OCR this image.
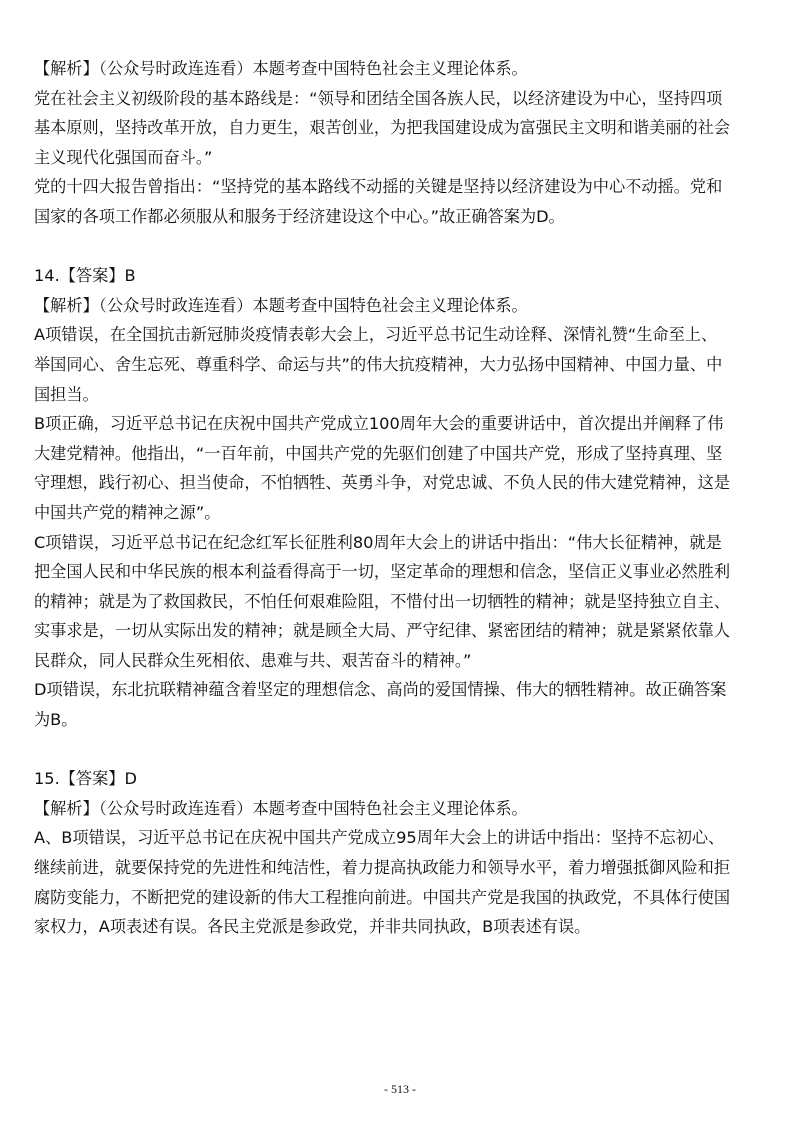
【解析】（公众号时政连连看）本题考查中国特色社会主义理论体系。
党在社会主义初级阶段的基本路线是：“领导和团结全国各族人民，以经济建设为中心，坚持四项
基本原则，坚持改革开放，自力更生，艰苦创业，为把我国建设成为富强民主文明和谐美丽的社会
主义现代化强国而奋斗。”
党的十四大报告曾指出：“坚持党的基本路线不动摇的关键是坚持以经济建设为中心不动摇。党和
国家的各项工作都必须服从和服务于经济建设这个中心。”故正确答案为D。
14.【答案】B
【解析】（公众号时政连连看）本题考查中国特色社会主义理论体系。
A项错误，在全国抗击新冠肺炎疫情表彰大会上，习近平总书记生动诠释、深情礼赞“生命至上、
举国同心、舍生忘死、尊重科学、命运与共”的伟大抗疫精神，大力弘扬中国精神、中国力量、中
国担当。
B项正确，习近平总书记在庆祝中国共产党成立100周年大会的重要讲话中，首次提出并阐释了伟
大建党精神。他指出，“一百年前，中国共产党的先驱们创建了中国共产党，形成了坚持真理、坚
守理想，践行初心、担当使命，不怕牺牲、英勇斗争，对党忠诚、不负人民的伟大建党精神，这是
中国共产党的精神之源”。
C项错误，习近平总书记在纪念红军长征胜利80周年大会上的讲话中指出：“伟大长征精神，就是
把全国人民和中华民族的根本利益看得高于一切，坚定革命的理想和信念，坚信正义事业必然胜利
的精神；就是为了救国救民，不怕任何艰难险阻，不惜付出一切牺牲的精神；就是坚持独立自主、
实事求是，一切从实际出发的精神；就是顾全大局、严守纪律、紧密团结的精神；就是紧紧依靠人
民群众，同人民群众生死相依、患难与共、艰苦奋斗的精神。”
D项错误，东北抗联精神蕴含着坚定的理想信念、高尚的爱国情操、伟大的牺牲精神。故正确答案
为B。
15.【答案】D
【解析】（公众号时政连连看）本题考查中国特色社会主义理论体系。
A、B项错误，习近平总书记在庆祝中国共产党成立95周年大会上的讲话中指出：坚持不忘初心、
继续前进，就要保持党的先进性和纯洁性，着力提高执政能力和领导水平，着力增强抵御风险和拒
腐防变能力，不断把党的建设新的伟大工程推向前进。中国共产党是我国的执政党，不具体行使国
家权力，A项表述有误。各民主党派是参政党，并非共同执政，B项表述有误。
- 513 -
